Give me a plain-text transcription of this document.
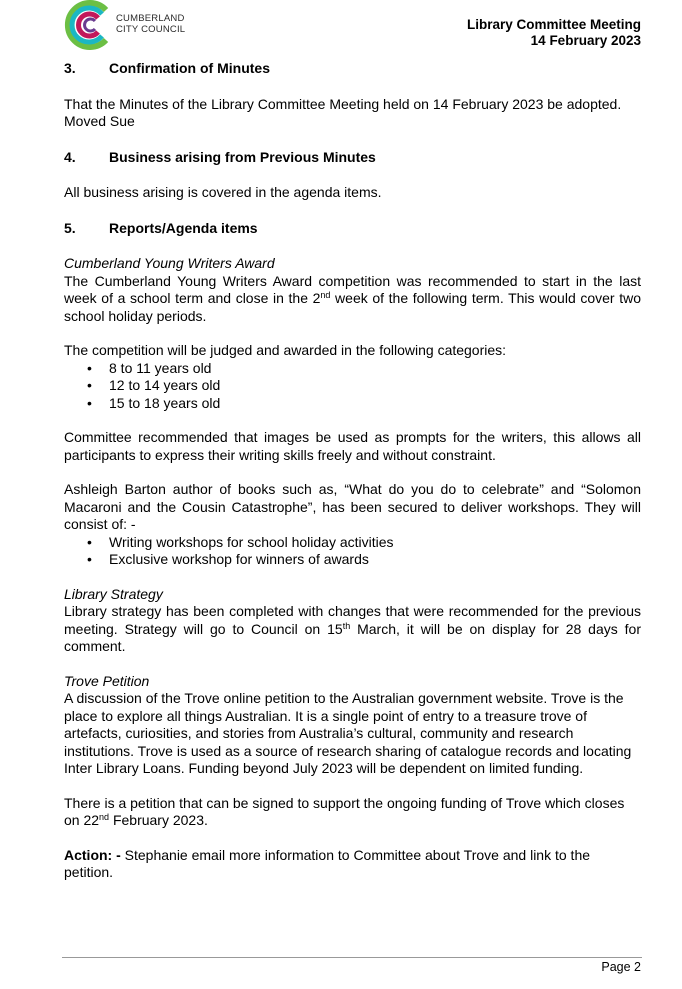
CUMBERLAND
CITY COUNCIL	Library Committee Meeting
14 February 2023
3.	Confirmation of Minutes

That the Minutes of the Library Committee Meeting held on 14 February 2023 be adopted.

Moved Sue

4.	Business arising from Previous Minutes

All business arising is covered in the agenda items.

5.	Reports/Agenda items

Cumberland Young Writers Award

The Cumberland Young Writers Award competition was recommended to start in the last week of a school term and close in the 2nd week of the following term. This would cover two school holiday periods.

The competition will be judged and awarded in the following categories:

• 8 to 11 years old
• 12 to 14 years old
• 15 to 18 years old

Committee recommended that images be used as prompts for the writers, this allows all participants to express their writing skills freely and without constraint.

Ashleigh Barton author of books such as, “What do you do to celebrate” and “Solomon Macaroni and the Cousin Catastrophe”, has been secured to deliver workshops. They will consist of: -

• Writing workshops for school holiday activities
• Exclusive workshop for winners of awards

Library Strategy

Library strategy has been completed with changes that were recommended for the previous meeting. Strategy will go to Council on 15th March, it will be on display for 28 days for comment.

Trove Petition

A discussion of the Trove online petition to the Australian government website. Trove is the place to explore all things Australian. It is a single point of entry to a treasure trove of artefacts, curiosities, and stories from Australia’s cultural, community and research institutions. Trove is used as a source of research sharing of catalogue records and locating Inter Library Loans. Funding beyond July 2023 will be dependent on limited funding.

There is a petition that can be signed to support the ongoing funding of Trove which closes on 22nd February 2023.

Action: - Stephanie email more information to Committee about Trove and link to the petition.

Page 2
